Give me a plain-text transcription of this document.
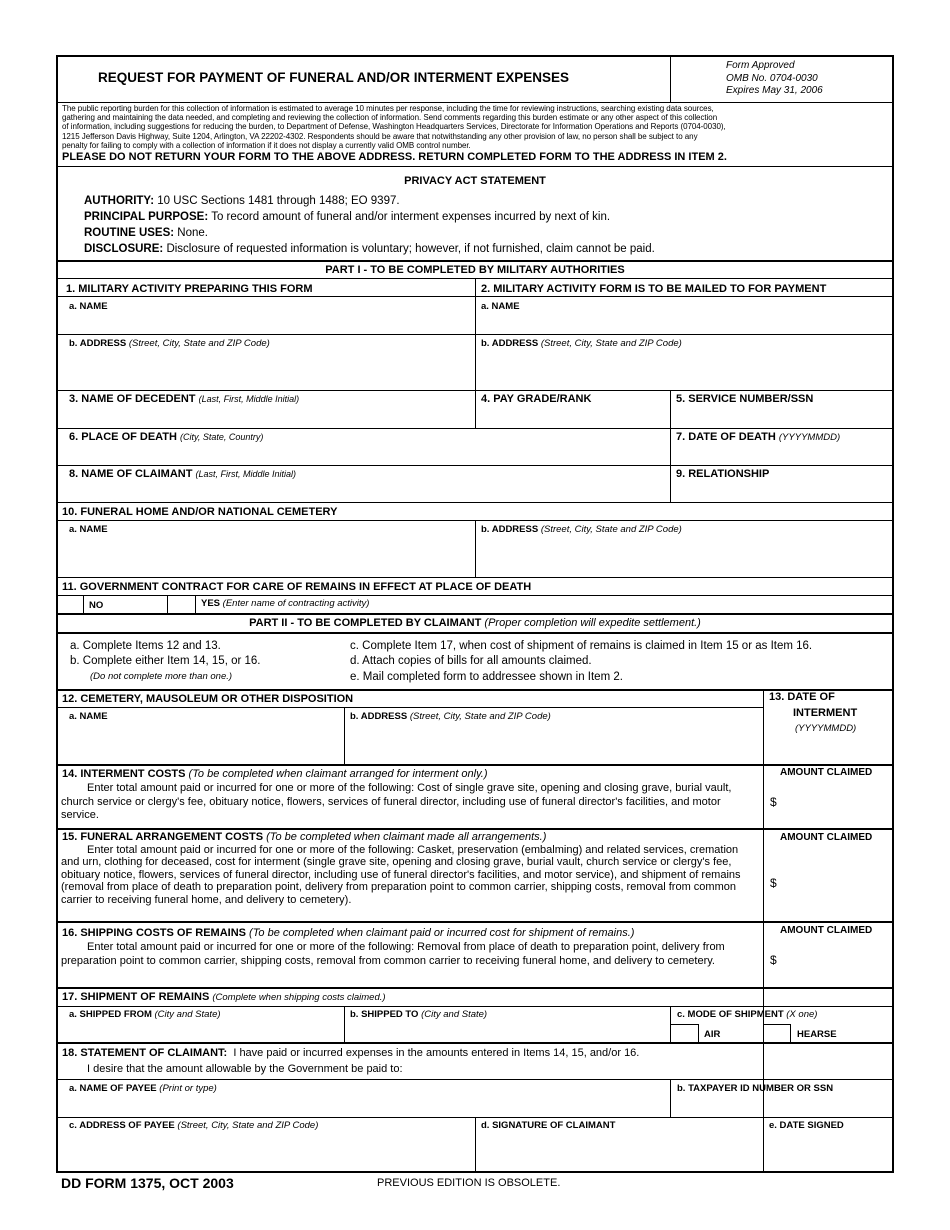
REQUEST FOR PAYMENT OF FUNERAL AND/OR INTERMENT EXPENSES
Form Approved
OMB No. 0704-0030
Expires May 31, 2006
The public reporting burden for this collection of information is estimated to average 10 minutes per response, including the time for reviewing instructions, searching existing data sources,
gathering and maintaining the data needed, and completing and reviewing the collection of information. Send comments regarding this burden estimate or any other aspect of this collection
of information, including suggestions for reducing the burden, to Department of Defense, Washington Headquarters Services, Directorate for Information Operations and Reports (0704-0030),
1215 Jefferson Davis Highway, Suite 1204, Arlington, VA 22202-4302. Respondents should be aware that notwithstanding any other provision of law, no person shall be subject to any
penalty for failing to comply with a collection of information if it does not display a currently valid OMB control number.
PLEASE DO NOT RETURN YOUR FORM TO THE ABOVE ADDRESS. RETURN COMPLETED FORM TO THE ADDRESS IN ITEM 2.
PRIVACY ACT STATEMENT
AUTHORITY: 10 USC Sections 1481 through 1488; EO 9397.
PRINCIPAL PURPOSE: To record amount of funeral and/or interment expenses incurred by next of kin.
ROUTINE USES: None.
DISCLOSURE: Disclosure of requested information is voluntary; however, if not furnished, claim cannot be paid.
PART I - TO BE COMPLETED BY MILITARY AUTHORITIES
1. MILITARY ACTIVITY PREPARING THIS FORM	2. MILITARY ACTIVITY FORM IS TO BE MAILED TO FOR PAYMENT
a. NAME	a. NAME
b. ADDRESS (Street, City, State and ZIP Code)	b. ADDRESS (Street, City, State and ZIP Code)
3. NAME OF DECEDENT (Last, First, Middle Initial)	4. PAY GRADE/RANK	5. SERVICE NUMBER/SSN
6. PLACE OF DEATH (City, State, Country)	7. DATE OF DEATH (YYYYMMDD)
8. NAME OF CLAIMANT (Last, First, Middle Initial)	9. RELATIONSHIP
10. FUNERAL HOME AND/OR NATIONAL CEMETERY
a. NAME	b. ADDRESS (Street, City, State and ZIP Code)
11. GOVERNMENT CONTRACT FOR CARE OF REMAINS IN EFFECT AT PLACE OF DEATH
NO	YES (Enter name of contracting activity)
PART II - TO BE COMPLETED BY CLAIMANT (Proper completion will expedite settlement.)
a. Complete Items 12 and 13.
b. Complete either Item 14, 15, or 16.
(Do not complete more than one.)
c. Complete Item 17, when cost of shipment of remains is claimed in Item 15 or as Item 16.
d. Attach copies of bills for all amounts claimed.
e. Mail completed form to addressee shown in Item 2.
12. CEMETERY, MAUSOLEUM OR OTHER DISPOSITION	13. DATE OF
INTERMENT
(YYYYMMDD)
a. NAME	b. ADDRESS (Street, City, State and ZIP Code)
14. INTERMENT COSTS (To be completed when claimant arranged for interment only.)
Enter total amount paid or incurred for one or more of the following: Cost of single grave site, opening and closing grave, burial vault, church service or clergy's fee, obituary notice, flowers, services of funeral director, including use of funeral director's facilities, and motor service.
AMOUNT CLAIMED
$
15. FUNERAL ARRANGEMENT COSTS (To be completed when claimant made all arrangements.)
Enter total amount paid or incurred for one or more of the following: Casket, preservation (embalming) and related services, cremation and urn, clothing for deceased, cost for interment (single grave site, opening and closing grave, burial vault, church service or clergy's fee, obituary notice, flowers, services of funeral director, including use of funeral director's facilities, and motor service), and shipment of remains (removal from place of death to preparation point, delivery from preparation point to common carrier, shipping costs, removal from common carrier to receiving funeral home, and delivery to cemetery).
AMOUNT CLAIMED
$
16. SHIPPING COSTS OF REMAINS (To be completed when claimant paid or incurred cost for shipment of remains.)
Enter total amount paid or incurred for one or more of the following: Removal from place of death to preparation point, delivery from preparation point to common carrier, shipping costs, removal from common carrier to receiving funeral home, and delivery to cemetery.
AMOUNT CLAIMED
$
17. SHIPMENT OF REMAINS (Complete when shipping costs claimed.)
a. SHIPPED FROM (City and State)	b. SHIPPED TO (City and State)	c. MODE OF SHIPMENT (X one)
AIR	HEARSE
18. STATEMENT OF CLAIMANT: I have paid or incurred expenses in the amounts entered in Items 14, 15, and/or 16.
I desire that the amount allowable by the Government be paid to:
a. NAME OF PAYEE (Print or type)	b. TAXPAYER ID NUMBER OR SSN
c. ADDRESS OF PAYEE (Street, City, State and ZIP Code)	d. SIGNATURE OF CLAIMANT	e. DATE SIGNED
DD FORM 1375, OCT 2003	PREVIOUS EDITION IS OBSOLETE.
